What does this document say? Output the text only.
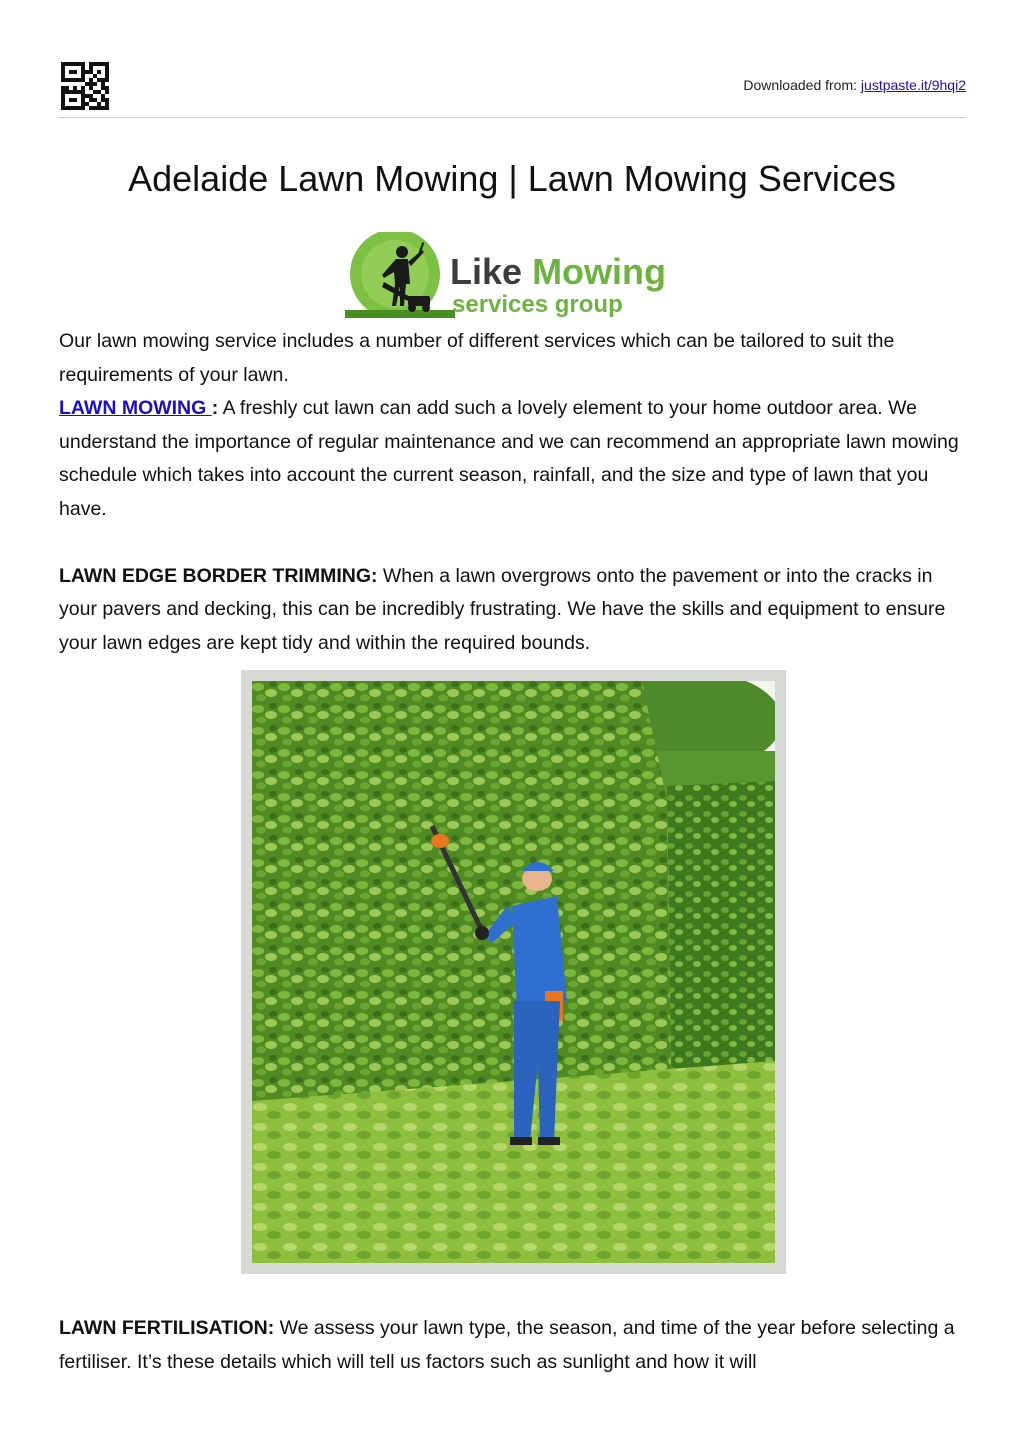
Downloaded from: justpaste.it/9hqi2
Adelaide Lawn Mowing | Lawn Mowing Services
Like Mowing
services group

Our lawn mowing service includes a number of different services which can be tailored to suit the requirements of your lawn.

LAWN MOWING : A freshly cut lawn can add such a lovely element to your home outdoor area. We understand the importance of regular maintenance and we can recommend an appropriate lawn mowing schedule which takes into account the current season, rainfall, and the size and type of lawn that you have.

LAWN EDGE BORDER TRIMMING: When a lawn overgrows onto the pavement or into the cracks in your pavers and decking, this can be incredibly frustrating. We have the skills and equipment to ensure your lawn edges are kept tidy and within the required bounds.

LAWN FERTILISATION: We assess your lawn type, the season, and time of the year before selecting a fertiliser. It’s these details which will tell us factors such as sunlight and how it will
